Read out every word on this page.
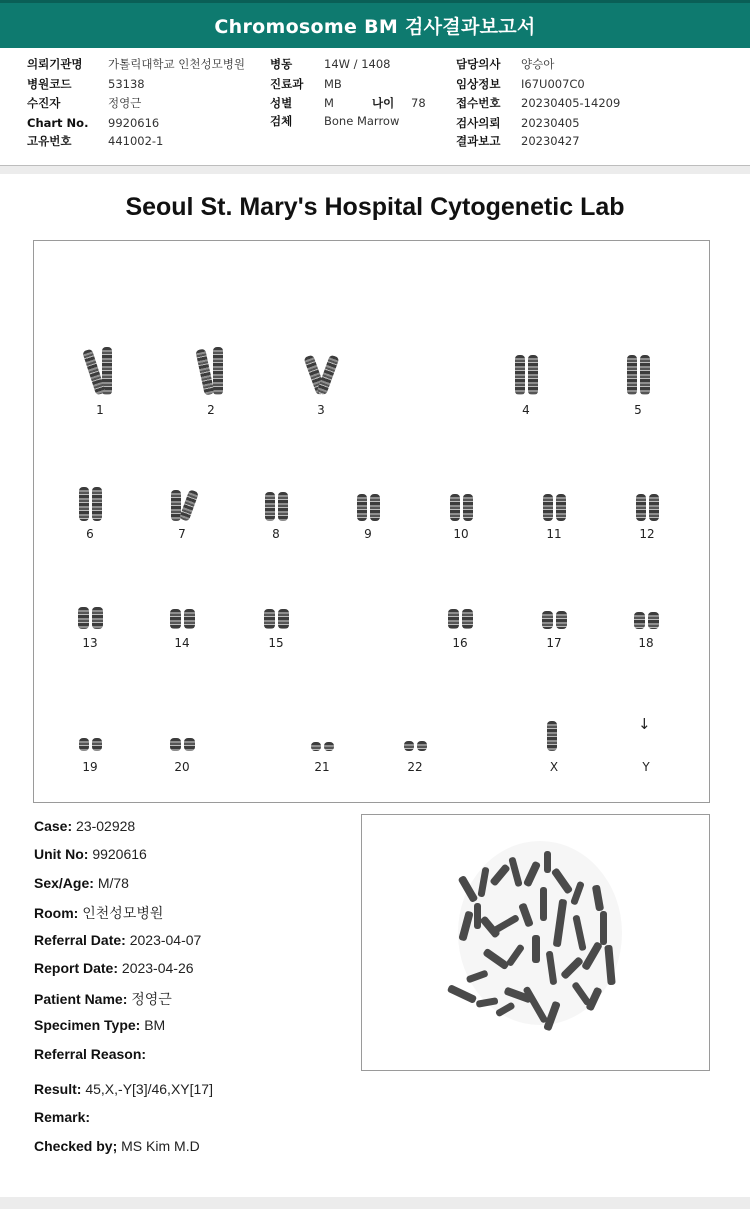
Chromosome BM 검사결과보고서
의뢰기관명 가톨릭대학교 인천성모병원
병원코드	53138
수진자	정영근
Chart No. 9920616
고유번호	441002-1
병동	14W / 1408
진료과 MB
성별	M	나이 78
검체	Bone Marrow
담당의사 양승아
임상정보 I67U007C0
접수번호 20230405-14209
검사의뢰 20230405
결과보고 20230427
Seoul St. Mary's Hospital Cytogenetic Lab
1	2	3	4	5
6	7	8	9	10	11	12
13	14	15	16	17	18
↓
19	20	21	22	X	Y
Case: 23-02928
Unit No: 9920616
Sex/Age: M/78
Room: 인천성모병원
Referral Date: 2023-04-07
Report Date: 2023-04-26
Patient Name: 정영근
Specimen Type: BM
Referral Reason:
Result: 45,X,-Y[3]/46,XY[17]
Remark:
Checked by; MS Kim M.D
